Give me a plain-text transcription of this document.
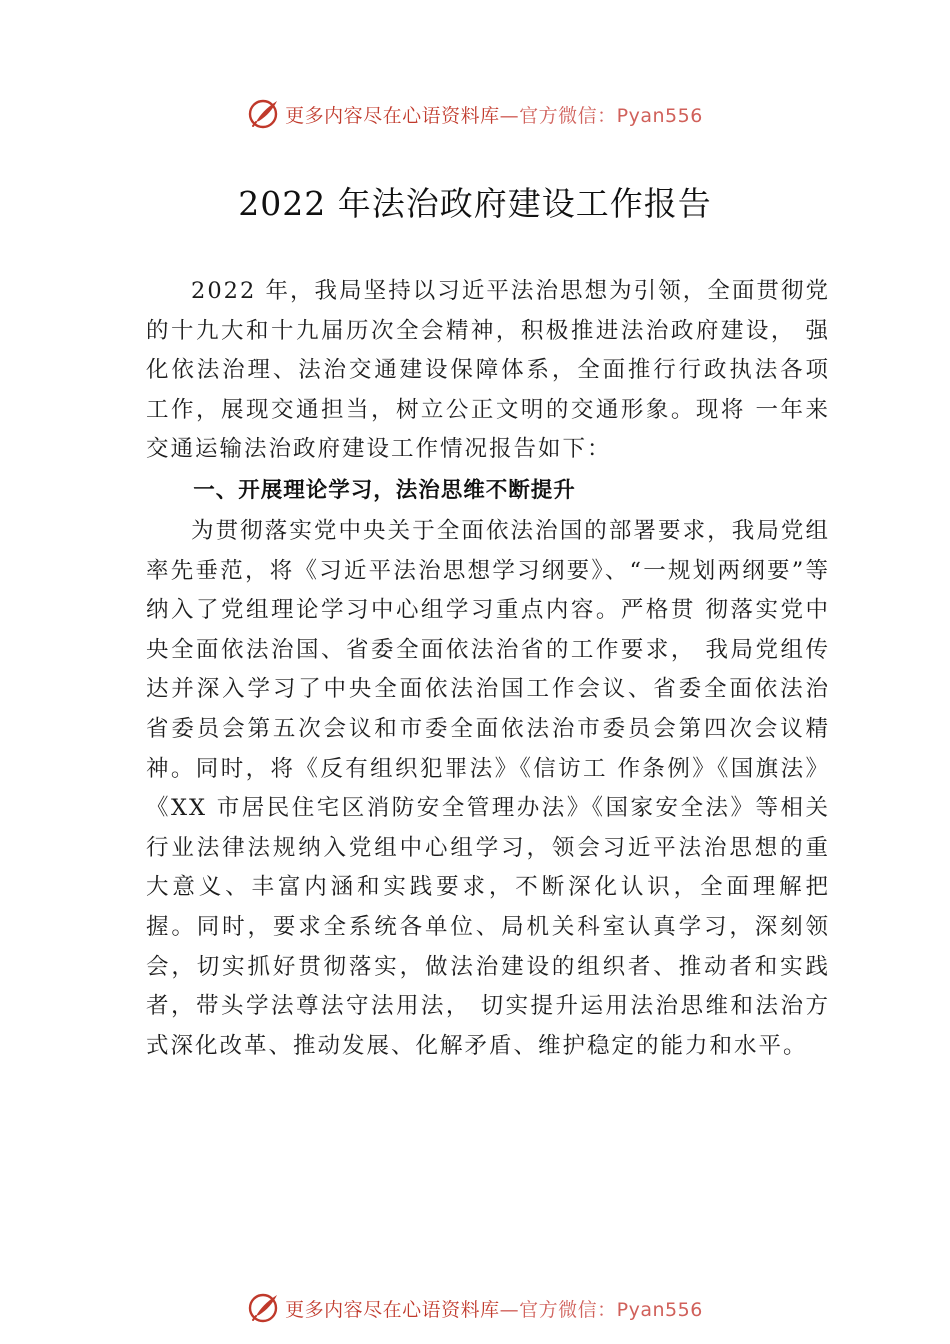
更多内容尽在心语资料库—官方微信：Pyan556
2022 年法治政府建设工作报告

2022 年，我局坚持以习近平法治思想为引领，全面贯彻党的十九大和十九届历次全会精神，积极推进法治政府建设， 强化依法治理、法治交通建设保障体系，全面推行行政执法各项工作，展现交通担当，树立公正文明的交通形象。现将 一年来交通运输法治政府建设工作情况报告如下：

一、开展理论学习，法治思维不断提升

为贯彻落实党中央关于全面依法治国的部署要求，我局党组率先垂范，将《习近平法治思想学习纲要》、“一规划两纲要”等纳入了党组理论学习中心组学习重点内容。严格贯 彻落实党中央全面依法治国、省委全面依法治省的工作要求， 我局党组传达并深入学习了中央全面依法治国工作会议、省委全面依法治省委员会第五次会议和市委全面依法治市委员会第四次会议精神。同时，将《反有组织犯罪法》《信访工 作条例》《国旗法》《XX 市居民住宅区消防安全管理办法》《国家安全法》等相关行业法律法规纳入党组中心组学习，领会习近平法治思想的重大意义、丰富内涵和实践要求，不断深化认识，全面理解把握。同时，要求全系统各单位、局机关科室认真学习，深刻领会，切实抓好贯彻落实，做法治建设的组织者、推动者和实践者，带头学法尊法守法用法， 切实提升运用法治思维和法治方式深化改革、推动发展、化解矛盾、维护稳定的能力和水平。

更多内容尽在心语资料库—官方微信：Pyan556
